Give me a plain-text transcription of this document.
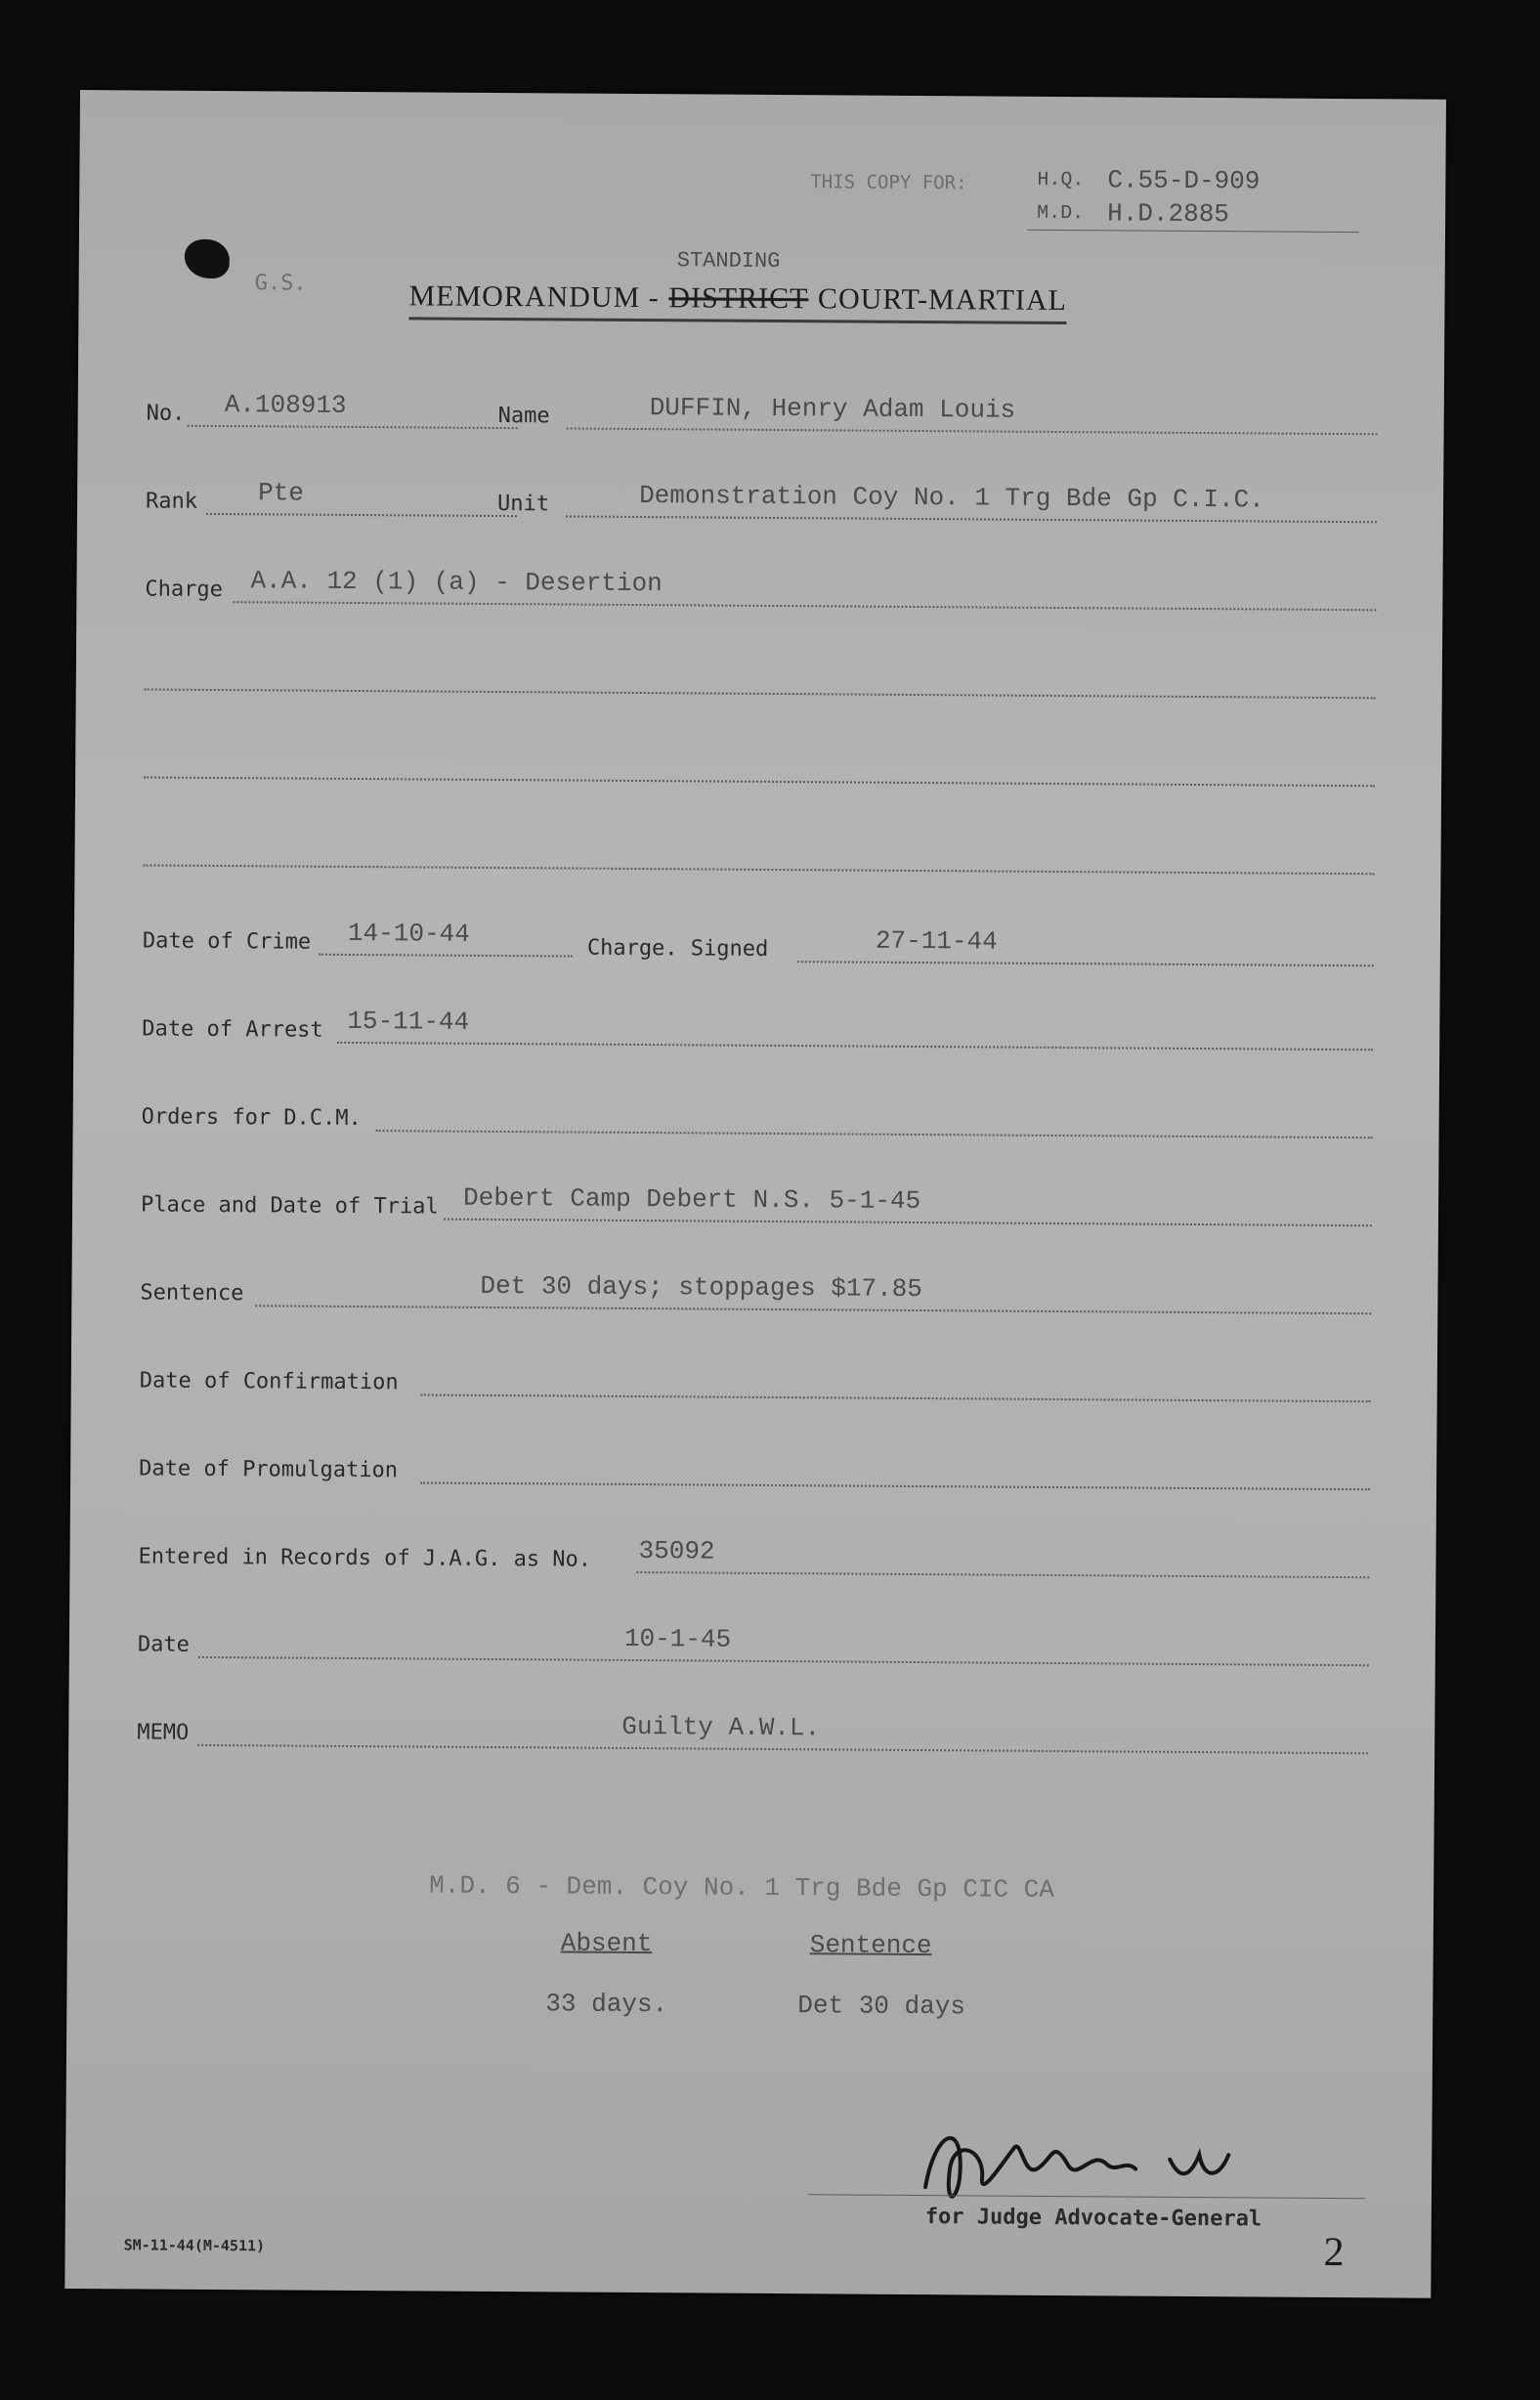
THIS COPY FOR:	H.Q. C.55-D-909
M.D. H.D.2885
G.S.
STANDING
MEMORANDUM - DISTRICT COURT-MARTIAL
No. A.108913	Name	DUFFIN, Henry Adam Louis
Rank Pte	Unit	Demonstration Coy No. 1 Trg Bde Gp C.I.C.
Charge A.A. 12 (1) (a) - Desertion
Date of Crime 14-10-44	Charge. Signed	27-11-44
Date of Arrest 15-11-44
Orders for D.C.M.
Place and Date of Trial Debert Camp Debert N.S. 5-1-45
Sentence	Det 30 days; stoppages $17.85
Date of Confirmation
Date of Promulgation
Entered in Records of J.A.G. as No. 35092
Date	10-1-45
MEMO	Guilty A.W.L.
M.D. 6 - Dem. Coy No. 1 Trg Bde Gp CIC CA
Absent	Sentence
33 days.	Det 30 days
for Judge Advocate-General
SM-11-44(M-4511)	2
